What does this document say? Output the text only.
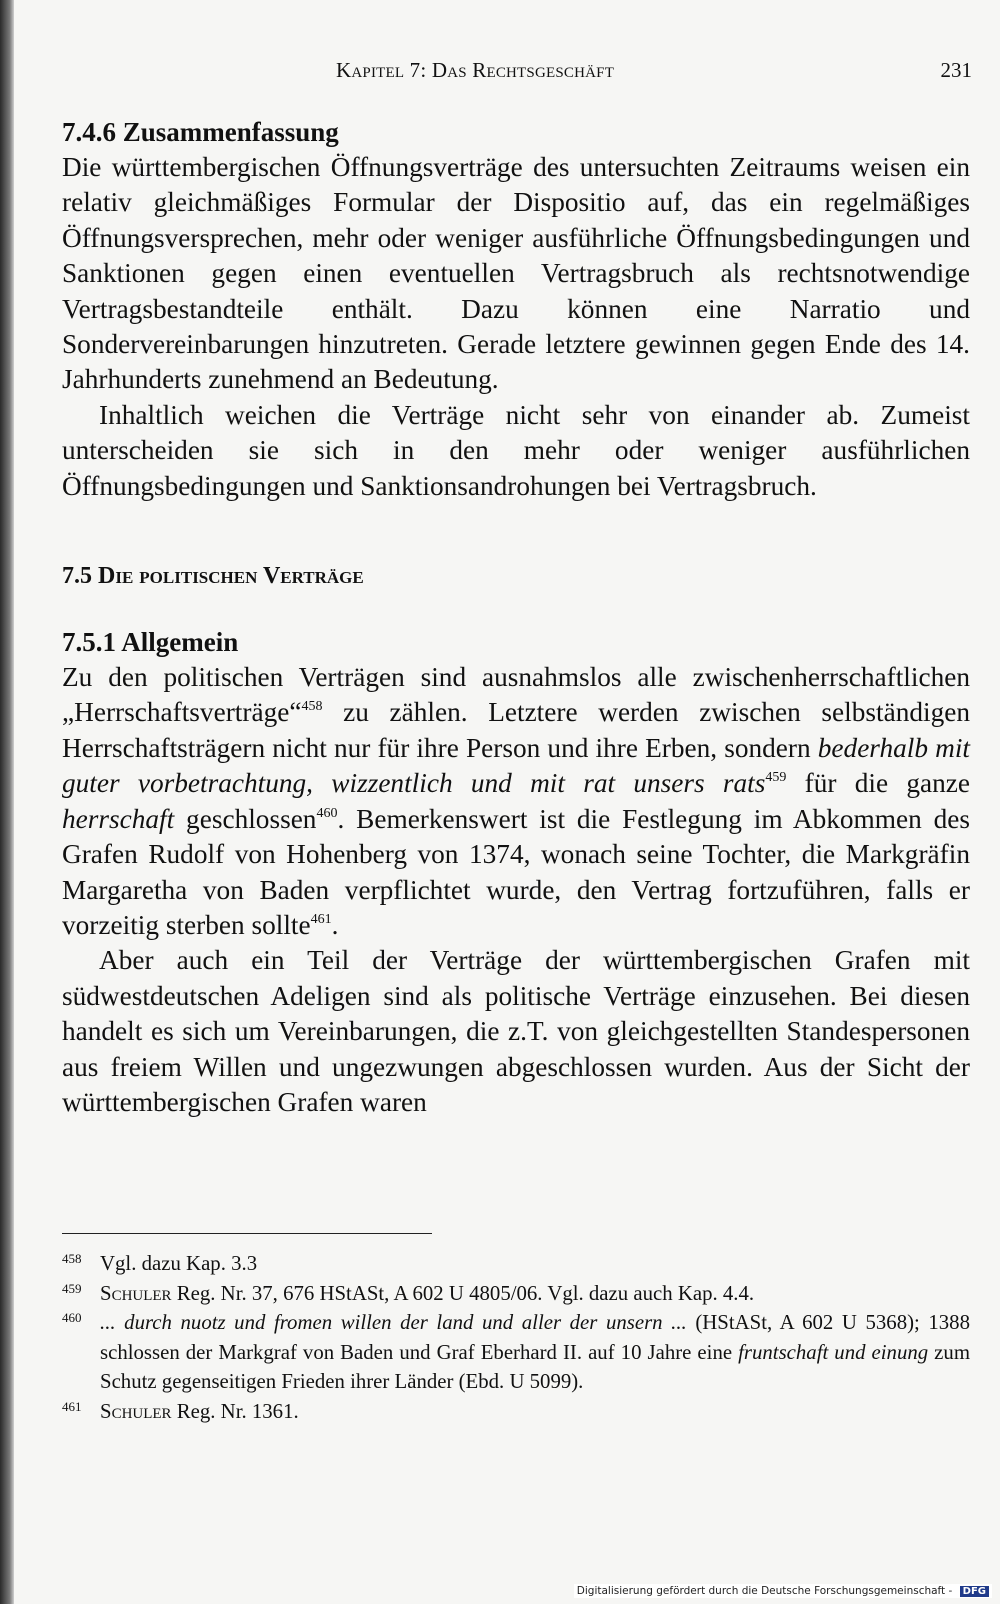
Kapitel 7: Das Rechtsgeschäft	231
7.4.6 Zusammenfassung

Die württembergischen Öffnungsverträge des untersuchten Zeitraums weisen ein relativ gleichmäßiges Formular der Dispositio auf, das ein regelmäßiges Öffnungsversprechen, mehr oder weniger ausführliche Öffnungsbedingungen und Sanktionen gegen einen eventuellen Vertragsbruch als rechtsnotwendige Vertragsbestandteile enthält. Dazu können eine Narratio und Sondervereinbarungen hinzutreten. Gerade letztere gewinnen gegen Ende des 14. Jahrhunderts zunehmend an Bedeutung.

Inhaltlich weichen die Verträge nicht sehr von einander ab. Zumeist unterscheiden sie sich in den mehr oder weniger ausführlichen Öffnungsbedingungen und Sanktionsandrohungen bei Vertragsbruch.

7.5 Die politischen Verträge
7.5.1 Allgemein

Zu den politischen Verträgen sind ausnahmslos alle zwischenherrschaftlichen „Herrschaftsverträge“$^{458}$ zu zählen. Letztere werden zwischen selbständigen Herrschaftsträgern nicht nur für ihre Person und ihre Erben, sondern bederhalb mit guter vorbetrachtung, wizzentlich und mit rat unsers rats$^{459}$ für die ganze herrschaft geschlossen$^{460}$. Bemerkenswert ist die Festlegung im Abkommen des Grafen Rudolf von Hohenberg von 1374, wonach seine Tochter, die Markgräfin Margaretha von Baden verpflichtet wurde, den Vertrag fortzuführen, falls er vorzeitig sterben sollte$^{461}$.

Aber auch ein Teil der Verträge der württembergischen Grafen mit südwestdeutschen Adeligen sind als politische Verträge einzusehen. Bei diesen handelt es sich um Vereinbarungen, die z.T. von gleichgestellten Standespersonen aus freiem Willen und ungezwungen abgeschlossen wurden. Aus der Sicht der württembergischen Grafen waren

458 Vgl. dazu Kap. 3.3
459 Schuler Reg. Nr. 37, 676 HStASt, A 602 U 4805/06. Vgl. dazu auch Kap. 4.4.
460 ... durch nuotz und fromen willen der land und aller der unsern ... (HStASt, A 602 U 5368); 1388 schlossen der Markgraf von Baden und Graf Eberhard II. auf 10 Jahre eine fruntschaft und einung zum Schutz gegenseitigen Frieden ihrer Länder (Ebd. U 5099).
461 Schuler Reg. Nr. 1361.
Digitalisierung gefördert durch die Deutsche Forschungsgemeinschaft - DFG
